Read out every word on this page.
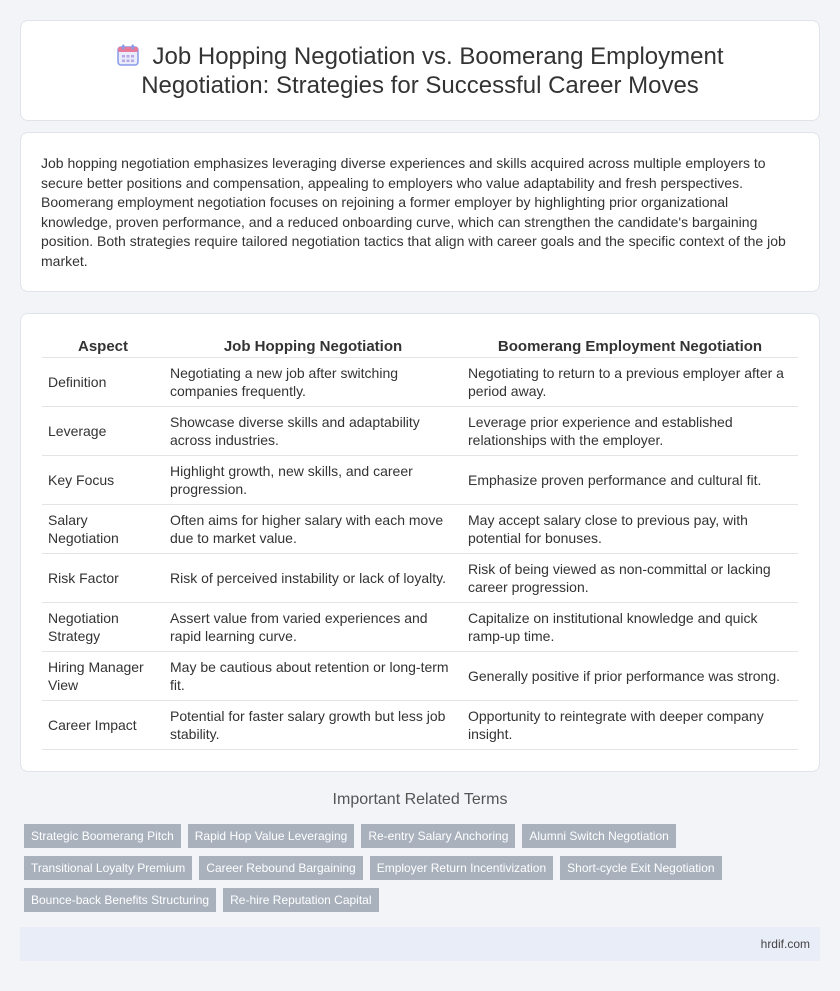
Job Hopping Negotiation vs. Boomerang Employment Negotiation: Strategies for Successful Career Moves

Job hopping negotiation emphasizes leveraging diverse experiences and skills acquired across multiple employers to secure better positions and compensation, appealing to employers who value adaptability and fresh perspectives. Boomerang employment negotiation focuses on rejoining a former employer by highlighting prior organizational knowledge, proven performance, and a reduced onboarding curve, which can strengthen the candidate's bargaining position. Both strategies require tailored negotiation tactics that align with career goals and the specific context of the job market.

Aspect	Job Hopping Negotiation	Boomerang Employment Negotiation
Definition	Negotiating a new job after switching companies frequently.	Negotiating to return to a previous employer after a period away.
Leverage	Showcase diverse skills and adaptability across industries.	Leverage prior experience and established relationships with the employer.
Key Focus	Highlight growth, new skills, and career progression.	Emphasize proven performance and cultural fit.
Salary Negotiation	Often aims for higher salary with each move due to market value.	May accept salary close to previous pay, with potential for bonuses.
Risk Factor	Risk of perceived instability or lack of loyalty.	Risk of being viewed as non-committal or lacking career progression.
Negotiation Strategy	Assert value from varied experiences and rapid learning curve.	Capitalize on institutional knowledge and quick ramp-up time.
Hiring Manager View	May be cautious about retention or long-term fit.	Generally positive if prior performance was strong.
Career Impact	Potential for faster salary growth but less job stability.	Opportunity to reintegrate with deeper company insight.
Important Related Terms
Strategic Boomerang Pitch	Rapid Hop Value Leveraging	Re-entry Salary Anchoring	Alumni Switch Negotiation
Transitional Loyalty Premium	Career Rebound Bargaining	Employer Return Incentivization	Short-cycle Exit Negotiation
Bounce-back Benefits Structuring	Re-hire Reputation Capital
hrdif.com
